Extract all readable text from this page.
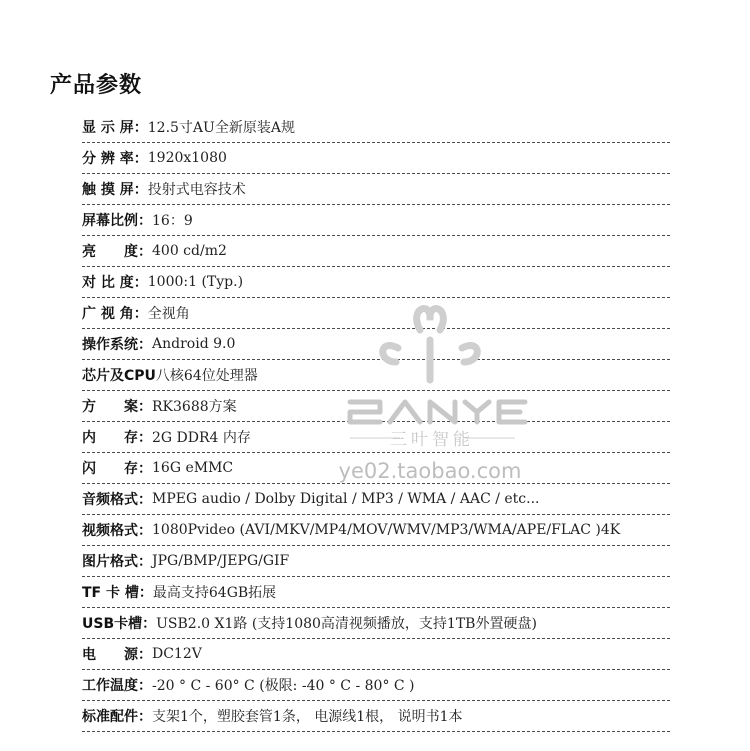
产品参数
显 示 屏： 12.5寸AU全新原装A规
分 辨 率： 1920x1080
触 摸 屏： 投射式电容技术
屏幕比例： 16：9
亮　　度： 400 cd/m2
对 比 度： 1000:1 (Typ.)
广 视 角： 全视角
操作系统： Android 9.0
芯片及CPU 八核64位处理器
方　　案： RK3688方案
内　　存： 2G DDR4 内存
闪　　存： 16G eMMC
音频格式： MPEG audio / Dolby Digital / MP3 / WMA / AAC / etc...
视频格式： 1080Pvideo (AVI/MKV/MP4/MOV/WMV/MP3/WMA/APE/FLAC )4K
图片格式： JPG/BMP/JEPG/GIF
TF 卡 槽： 最高支持64GB拓展
USB卡槽： USB2.0 X1路 (支持1080高清视频播放，支持1TB外置硬盘)
电　　源： DC12V
工作温度： -20 ° C - 60° C (极限: -40 ° C - 80° C )
标准配件： 支架1个，塑胶套管1条， 电源线1根， 说明书1本
三叶智能
ye02.taobao.com
